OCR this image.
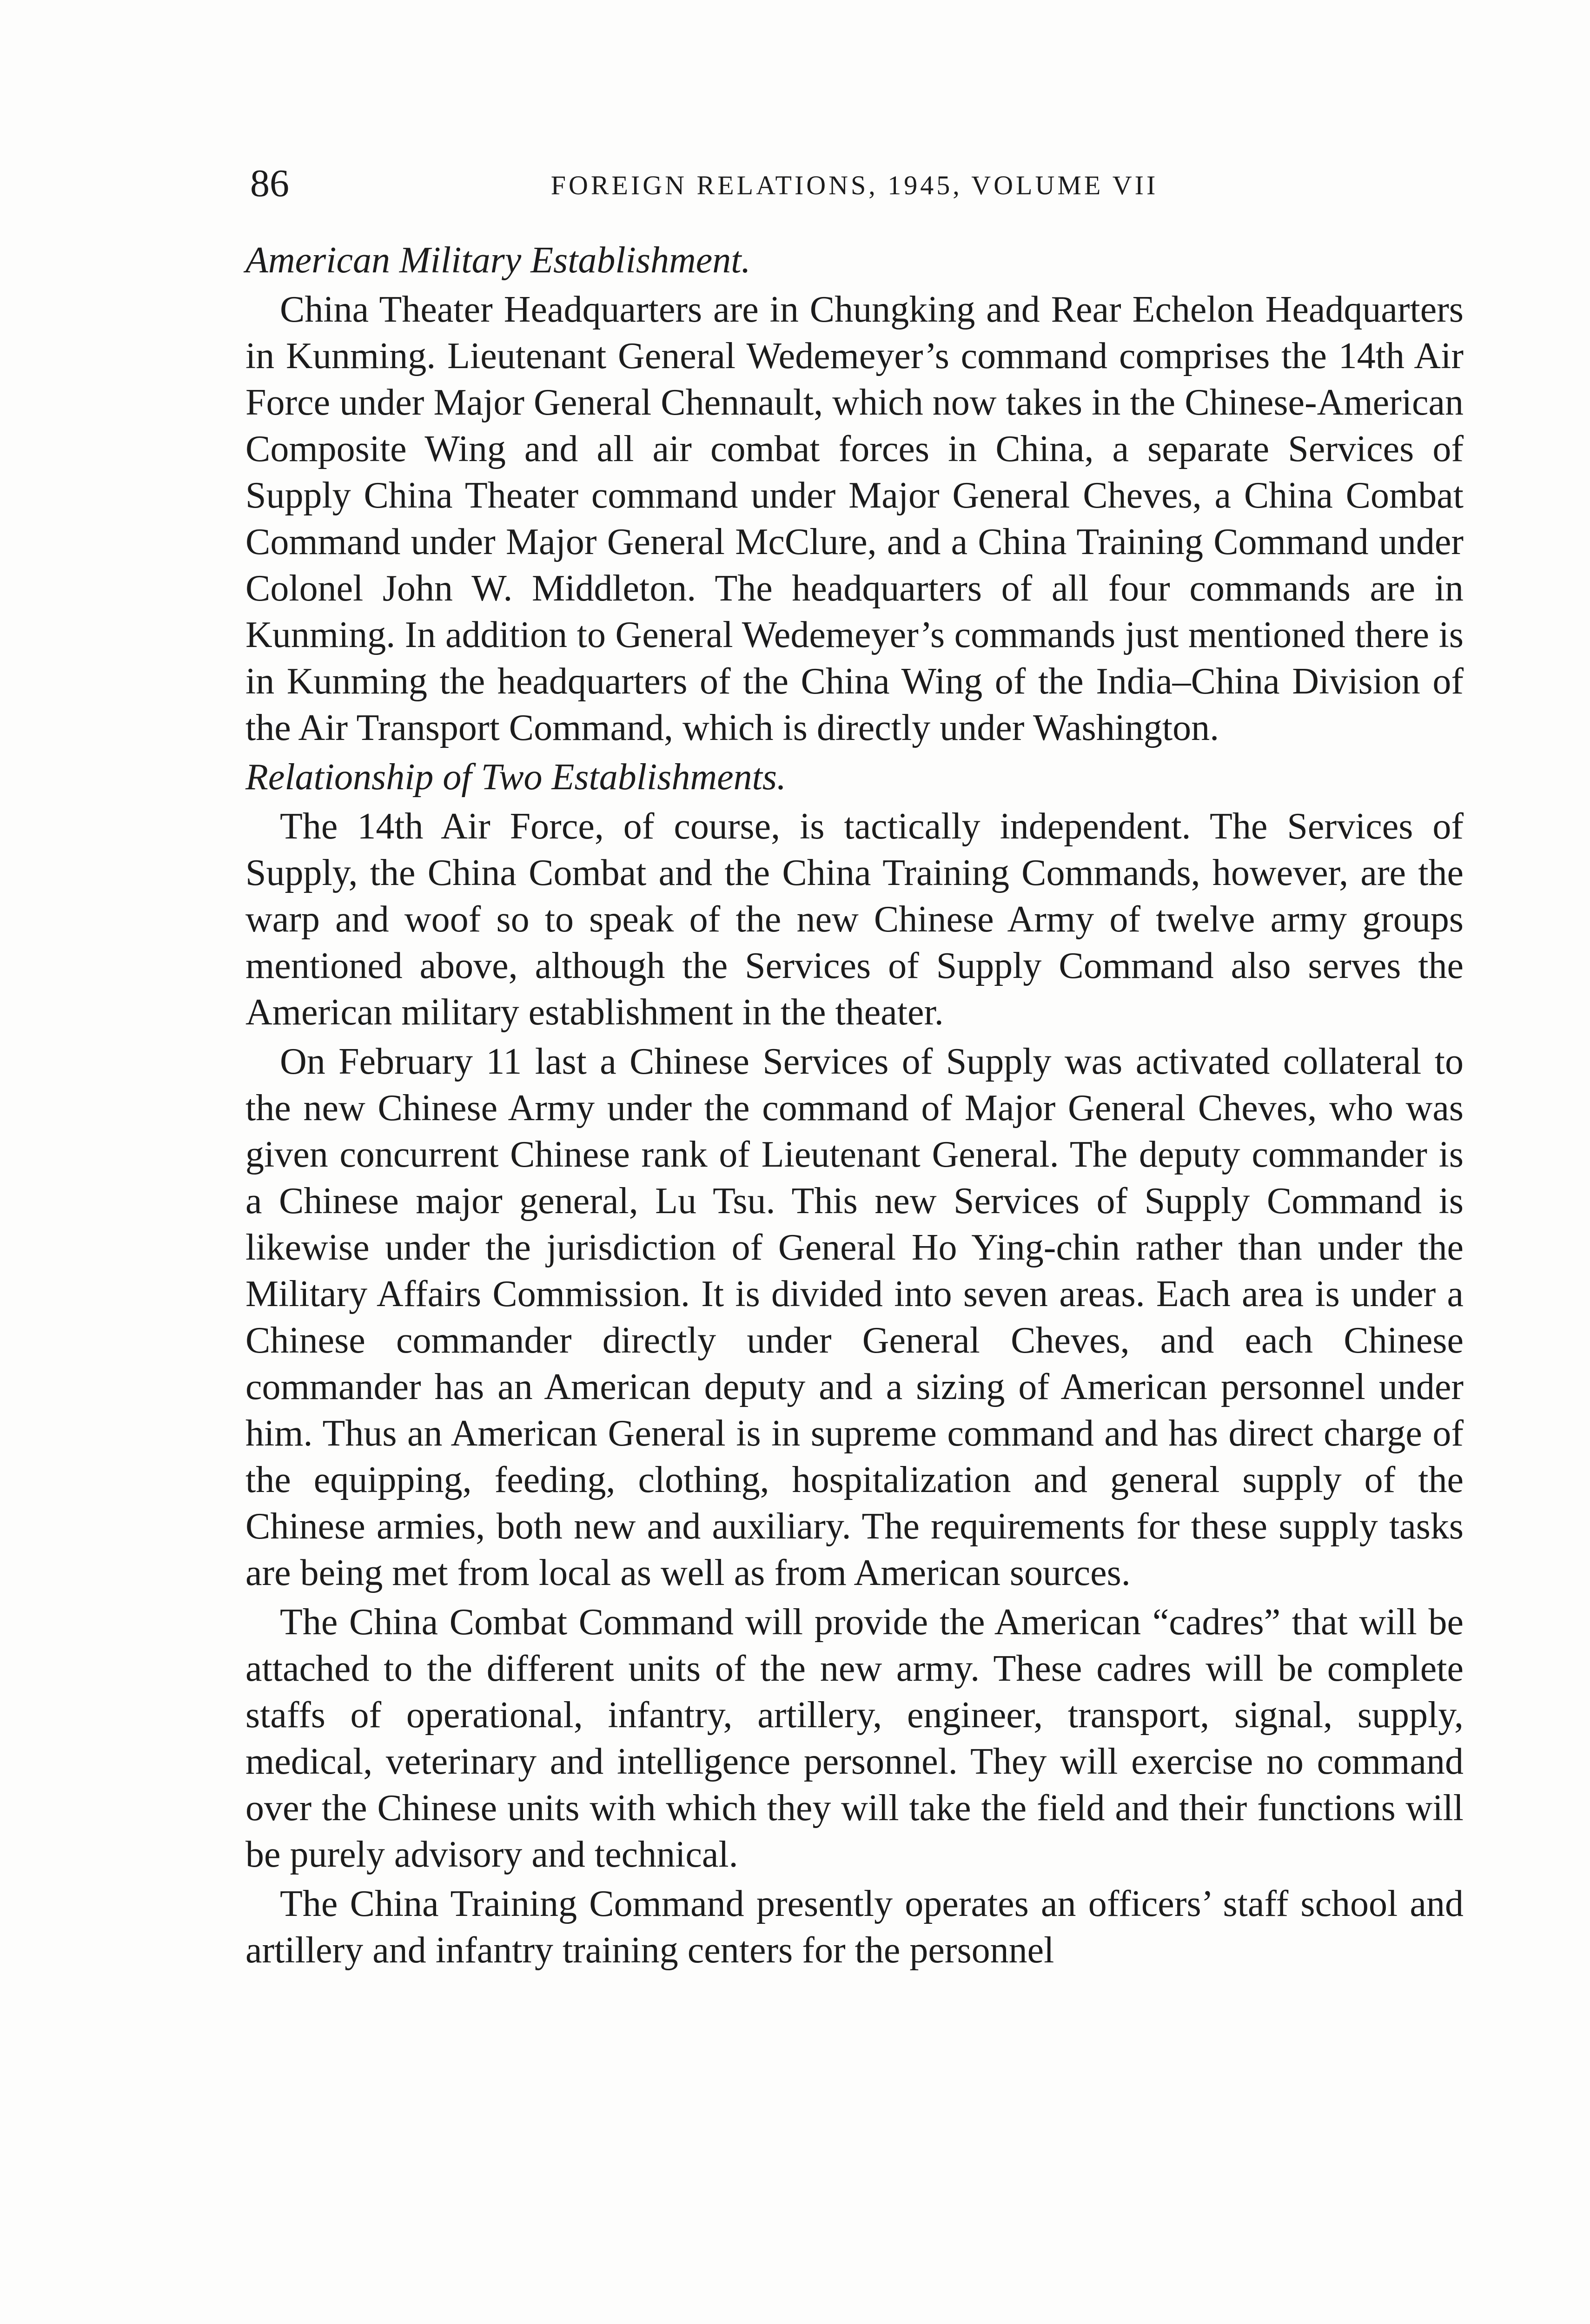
86	FOREIGN RELATIONS, 1945, VOLUME VII
American Military Establishment.

China Theater Headquarters are in Chungking and Rear Echelon Headquarters in Kunming. Lieutenant General Wedemeyer’s command comprises the 14th Air Force under Major General Chennault, which now takes in the Chinese-American Composite Wing and all air combat forces in China, a separate Services of Supply China Theater command under Major General Cheves, a China Combat Command under Major General McClure, and a China Training Command under Colonel John W. Middleton. The headquarters of all four commands are in Kunming. In addition to General Wedemeyer’s commands just mentioned there is in Kunming the headquarters of the China Wing of the India–China Division of the Air Transport Command, which is directly under Washington.

Relationship of Two Establishments.

The 14th Air Force, of course, is tactically independent. The Services of Supply, the China Combat and the China Training Commands, however, are the warp and woof so to speak of the new Chinese Army of twelve army groups mentioned above, although the Services of Supply Command also serves the American military establishment in the theater.

On February 11 last a Chinese Services of Supply was activated collateral to the new Chinese Army under the command of Major General Cheves, who was given concurrent Chinese rank of Lieutenant General. The deputy commander is a Chinese major general, Lu Tsu. This new Services of Supply Command is likewise under the jurisdiction of General Ho Ying-chin rather than under the Military Affairs Commission. It is divided into seven areas. Each area is under a Chinese commander directly under General Cheves, and each Chinese commander has an American deputy and a sizing of American personnel under him. Thus an American General is in supreme command and has direct charge of the equipping, feeding, clothing, hospitalization and general supply of the Chinese armies, both new and auxiliary. The requirements for these supply tasks are being met from local as well as from American sources.

The China Combat Command will provide the American “cadres” that will be attached to the different units of the new army. These cadres will be complete staffs of operational, infantry, artillery, engineer, transport, signal, supply, medical, veterinary and intelligence personnel. They will exercise no command over the Chinese units with which they will take the field and their functions will be purely advisory and technical.

The China Training Command presently operates an officers’ staff school and artillery and infantry training centers for the personnel
